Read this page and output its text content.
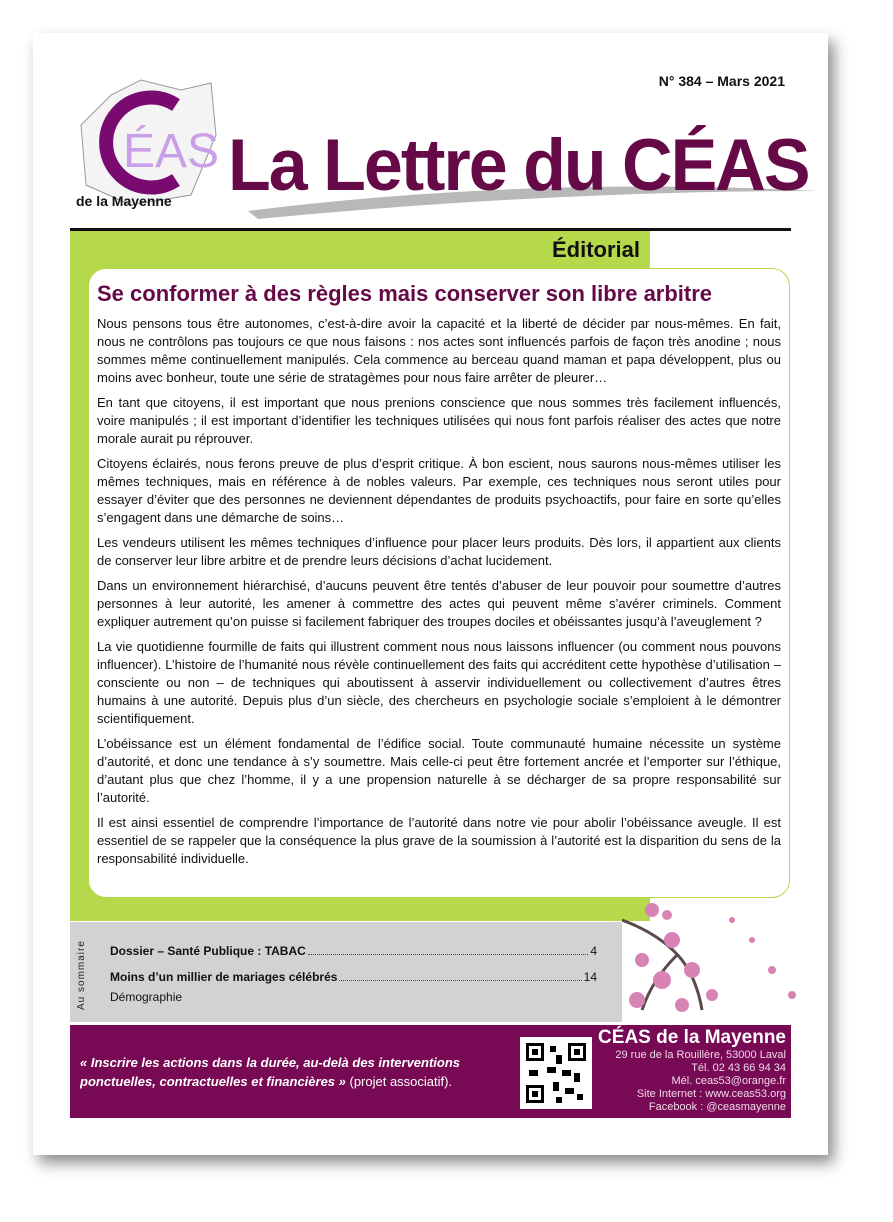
N° 384 – Mars 2021
ÉAS
de la Mayenne La Lettre du CÉAS
Éditorial
Se conformer à des règles mais conserver son libre arbitre

Nous pensons tous être autonomes, c’est-à-dire avoir la capacité et la liberté de décider par nous-mêmes. En fait, nous ne contrôlons pas toujours ce que nous faisons : nos actes sont influencés parfois de façon très anodine ; nous sommes même continuellement manipulés. Cela commence au berceau quand maman et papa développent, plus ou moins avec bonheur, toute une série de stratagèmes pour nous faire arrêter de pleurer…

En tant que citoyens, il est important que nous prenions conscience que nous sommes très facilement influencés, voire manipulés ; il est important d’identifier les techniques utilisées qui nous font parfois réaliser des actes que notre morale aurait pu réprouver.

Citoyens éclairés, nous ferons preuve de plus d’esprit critique. À bon escient, nous saurons nous-mêmes utiliser les mêmes techniques, mais en référence à de nobles valeurs. Par exemple, ces techniques nous seront utiles pour essayer d’éviter que des personnes ne deviennent dépendantes de produits psychoactifs, pour faire en sorte qu’elles s’engagent dans une démarche de soins…

Les vendeurs utilisent les mêmes techniques d’influence pour placer leurs produits. Dès lors, il appartient aux clients de conserver leur libre arbitre et de prendre leurs décisions d’achat lucidement.

Dans un environnement hiérarchisé, d’aucuns peuvent être tentés d’abuser de leur pouvoir pour soumettre d’autres personnes à leur autorité, les amener à commettre des actes qui peuvent même s’avérer criminels. Comment expliquer autrement qu’on puisse si facilement fabriquer des troupes dociles et obéissantes jusqu’à l’aveuglement ?

La vie quotidienne fourmille de faits qui illustrent comment nous nous laissons influencer (ou comment nous pouvons influencer). L’histoire de l’humanité nous révèle continuellement des faits qui accréditent cette hypothèse d’utilisation – consciente ou non – de techniques qui aboutissent à asservir individuellement ou collectivement d’autres êtres humains à une autorité. Depuis plus d’un siècle, des chercheurs en psychologie sociale s’emploient à le démontrer scientifiquement.

L’obéissance est un élément fondamental de l’édifice social. Toute communauté humaine nécessite un système d’autorité, et donc une tendance à s’y soumettre. Mais celle-ci peut être fortement ancrée et l’emporter sur l’éthique, d’autant plus que chez l’homme, il y a une propension naturelle à se décharger de sa propre responsabilité sur l’autorité.

Il est ainsi essentiel de comprendre l’importance de l’autorité dans notre vie pour abolir l’obéissance aveugle. Il est essentiel de se rappeler que la conséquence la plus grave de la soumission à l’autorité est la disparition du sens de la responsabilité individuelle.

Au sommaire Dossier – Santé Publique : TABAC	4
Moins d’un millier de mariages célébrés	14
Démographie
« Inscrire les actions dans la durée, au-delà des interventions ponctuelles, contractuelles et financières » (projet associatif).
CÉAS de la Mayenne
29 rue de la Rouillère, 53000 Laval
Tél. 02 43 66 94 34
Mél. ceas53@orange.fr
Site Internet : www.ceas53.org
Facebook : @ceasmayenne
